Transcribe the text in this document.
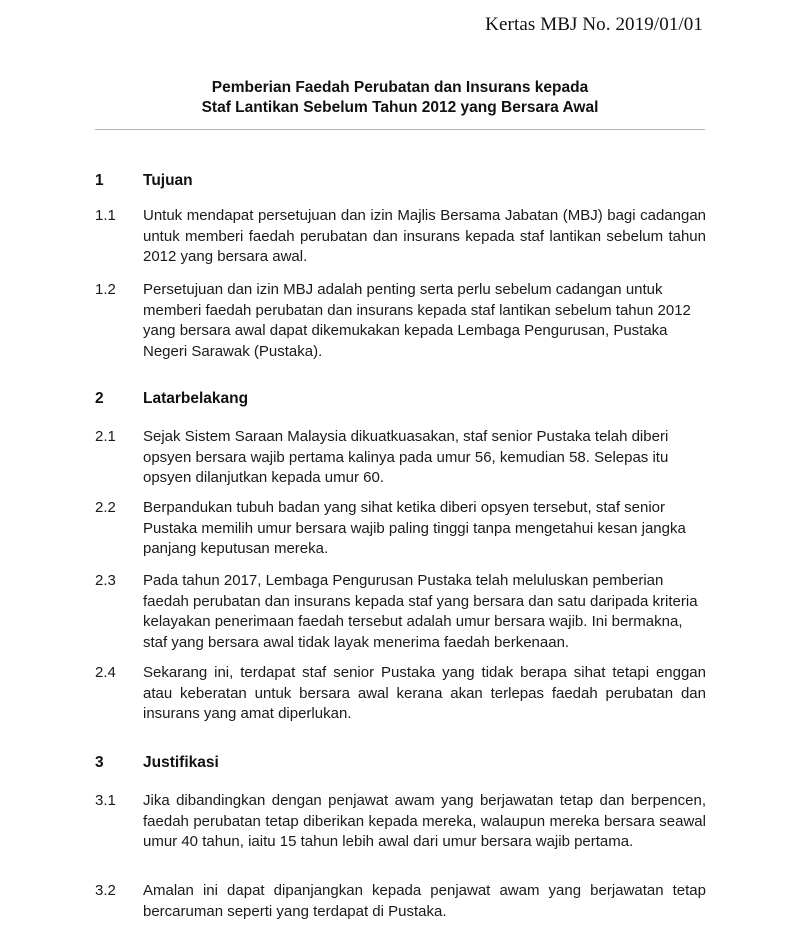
Kertas MBJ No. 2019/01/01
Pemberian Faedah Perubatan dan Insurans kepada
Staf Lantikan Sebelum Tahun 2012 yang Bersara Awal
1	Tujuan
1.1 Untuk mendapat persetujuan dan izin Majlis Bersama Jabatan (MBJ) bagi cadangan untuk memberi faedah perubatan dan insurans kepada staf lantikan sebelum tahun 2012 yang bersara awal.

1.2 Persetujuan dan izin MBJ adalah penting serta perlu sebelum cadangan untuk memberi faedah perubatan dan insurans kepada staf lantikan sebelum tahun 2012 yang bersara awal dapat dikemukakan kepada Lembaga Pengurusan, Pustaka Negeri Sarawak (Pustaka).

2	Latarbelakang
2.1 Sejak Sistem Saraan Malaysia dikuatkuasakan, staf senior Pustaka telah diberi opsyen bersara wajib pertama kalinya pada umur 56, kemudian 58. Selepas itu opsyen dilanjutkan kepada umur 60.

2.2 Berpandukan tubuh badan yang sihat ketika diberi opsyen tersebut, staf senior Pustaka memilih umur bersara wajib paling tinggi tanpa mengetahui kesan jangka panjang keputusan mereka.

2.3 Pada tahun 2017, Lembaga Pengurusan Pustaka telah meluluskan pemberian faedah perubatan dan insurans kepada staf yang bersara dan satu daripada kriteria kelayakan penerimaan faedah tersebut adalah umur bersara wajib. Ini bermakna, staf yang bersara awal tidak layak menerima faedah berkenaan.

2.4 Sekarang ini, terdapat staf senior Pustaka yang tidak berapa sihat tetapi enggan atau keberatan untuk bersara awal kerana akan terlepas faedah perubatan dan insurans yang amat diperlukan.

3	Justifikasi
3.1 Jika dibandingkan dengan penjawat awam yang berjawatan tetap dan berpencen, faedah perubatan tetap diberikan kepada mereka, walaupun mereka bersara seawal umur 40 tahun, iaitu 15 tahun lebih awal dari umur bersara wajib pertama.

3.2 Amalan ini dapat dipanjangkan kepada penjawat awam yang berjawatan tetap bercaruman seperti yang terdapat di Pustaka.
